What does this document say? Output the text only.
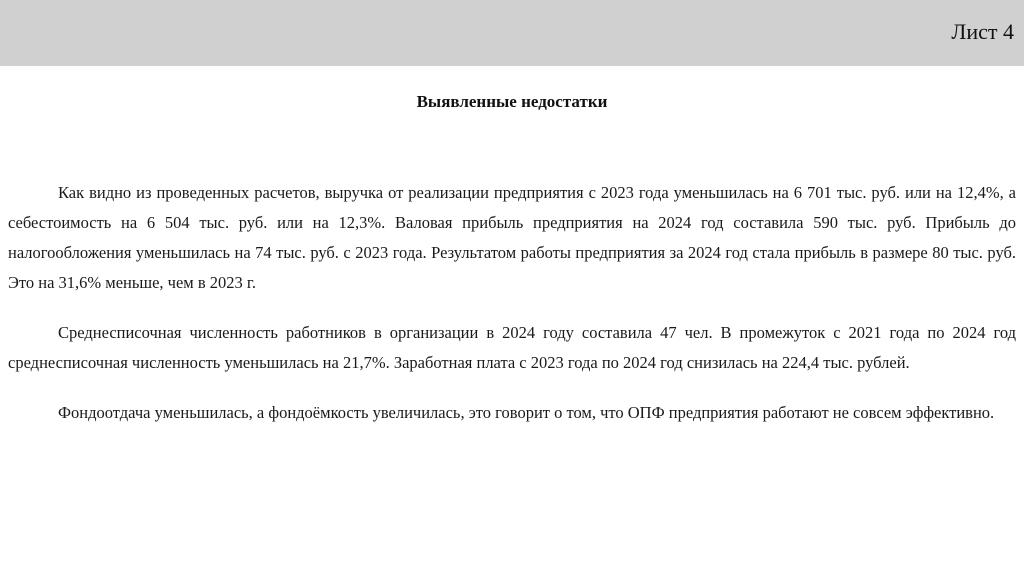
Лист 4
Выявленные недостатки

Как видно из проведенных расчетов, выручка от реализации предприятия с 2023 года уменьшилась на 6 701 тыс. руб. или на 12,4%, а себестоимость на 6 504 тыс. руб. или на 12,3%. Валовая прибыль предприятия на 2024 год составила 590 тыс. руб. Прибыль до налогообложения уменьшилась на 74 тыс. руб. с 2023 года. Результатом работы предприятия за 2024 год стала прибыль в размере 80 тыс. руб. Это на 31,6% меньше, чем в 2023 г.

Среднесписочная численность работников в организации в 2024 году составила 47 чел. В промежуток с 2021 года по 2024 год среднесписочная численность уменьшилась на 21,7%. Заработная плата с 2023 года по 2024 год снизилась на 224,4 тыс. рублей.

Фондоотдача уменьшилась, а фондоёмкость увеличилась, это говорит о том, что ОПФ предприятия работают не совсем эффективно.
